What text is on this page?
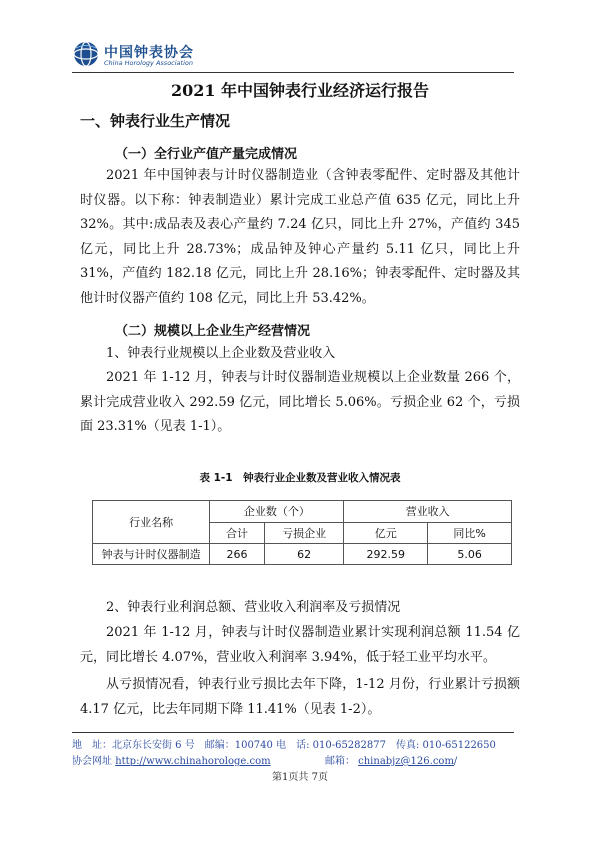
中国钟表协会
China Horology Association
2021 年中国钟表行业经济运行报告
一、钟表行业生产情况
（一）全行业产值产量完成情况

2021 年中国钟表与计时仪器制造业（含钟表零配件、定时器及其他计时仪器。以下称：钟表制造业）累计完成工业总产值 635 亿元，同比上升 32%。其中:成品表及表心产量约 7.24 亿只，同比上升 27%，产值约 345 亿元，同比上升 28.73%；成品钟及钟心产量约 5.11 亿只，同比上升 31%，产值约 182.18 亿元，同比上升 28.16%；钟表零配件、定时器及其他计时仪器产值约 108 亿元，同比上升 53.42%。

（二）规模以上企业生产经营情况

1、钟表行业规模以上企业数及营业收入

2021 年 1-12 月，钟表与计时仪器制造业规模以上企业数量 266 个，累计完成营业收入 292.59 亿元，同比增长 5.06%。亏损企业 62 个，亏损面 23.31%（见表 1-1）。

表 1-1　钟表行业企业数及营业收入情况表
行业名称	企业数（个）		营业收入	
	合计	亏损企业	亿元	同比%
钟表与计时仪器制造	266	62	292.59	5.06

2、钟表行业利润总额、营业收入利润率及亏损情况

2021 年 1-12 月，钟表与计时仪器制造业累计实现利润总额 11.54 亿元，同比增长 4.07%，营业收入利润率 3.94%，低于轻工业平均水平。

从亏损情况看，钟表行业亏损比去年下降，1-12 月份，行业累计亏损额 4.17 亿元，比去年同期下降 11.41%（见表 1-2）。

地　址：北京东长安街 6 号　邮编：100740 电　话: 010-65282877　传真: 010-65122650
协会网址 http://www.chinahorologe.com	邮箱： chinabjz@126.com/
第1页共 7页
